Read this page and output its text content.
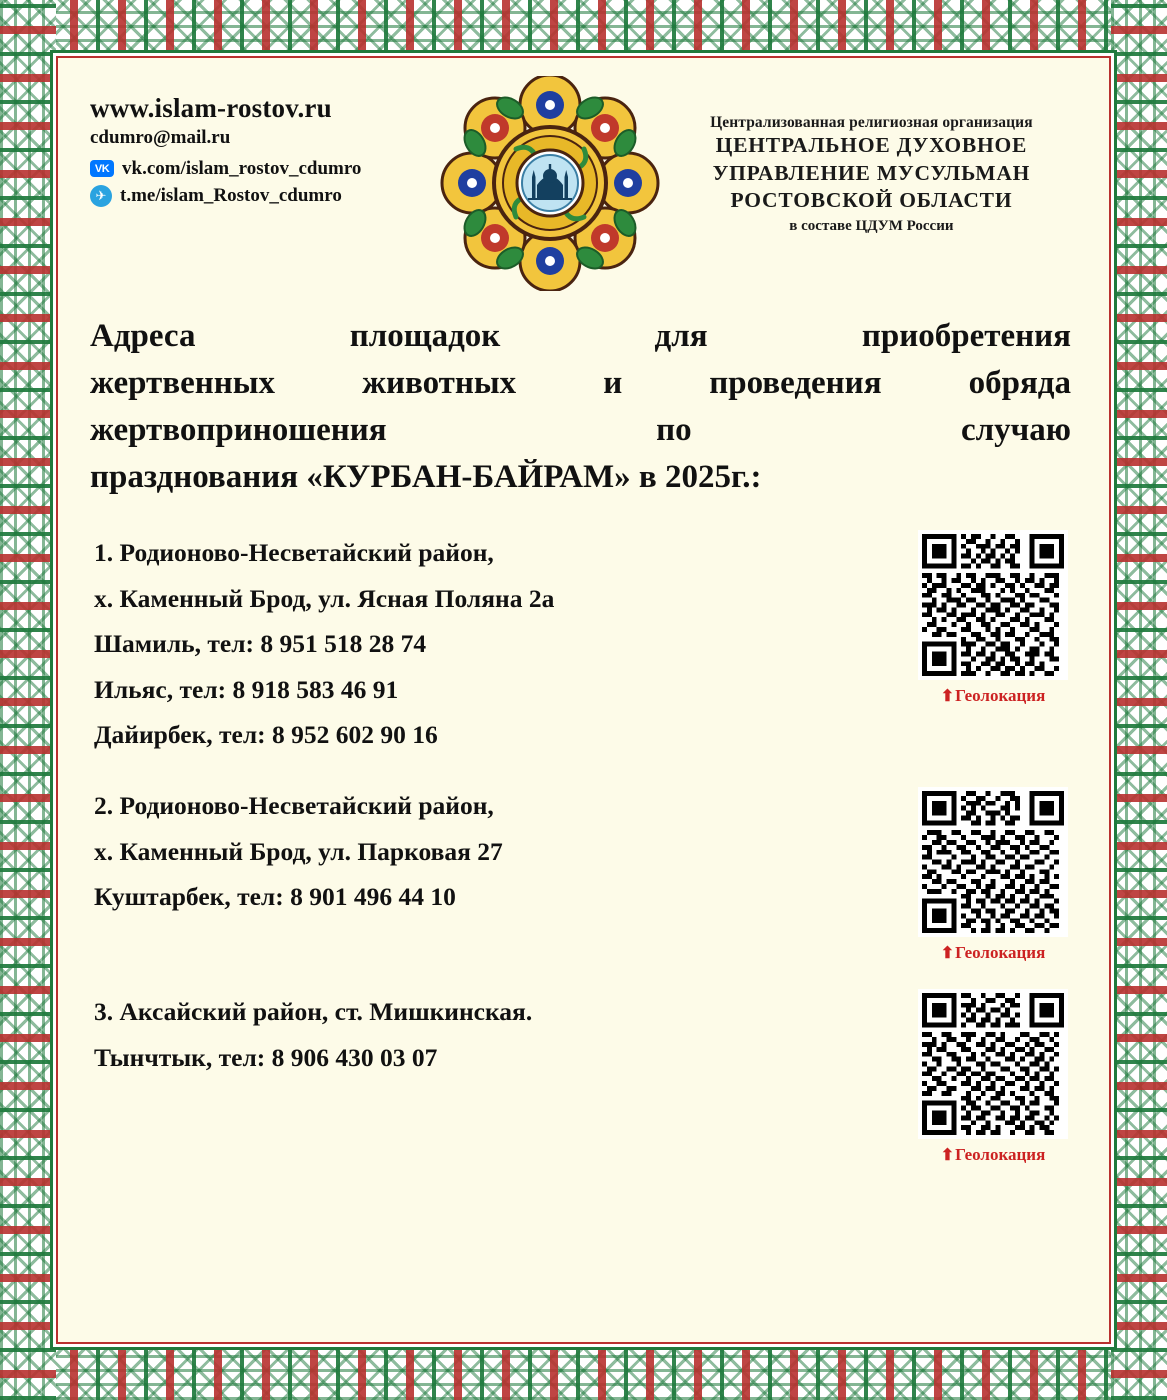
www.islam-rostov.ru
cdumro@mail.ru
VK vk.com/islam_rostov_cdumro
✈ t.me/islam_Rostov_cdumro
Централизованная религиозная организация
ЦЕНТРАЛЬНОЕ ДУХОВНОЕ
УПРАВЛЕНИЕ МУСУЛЬМАН
РОСТОВСКОЙ ОБЛАСТИ
в составе ЦДУМ России
Адреса площадок для приобретения
жертвенных животных и проведения обряда
жертвоприношения по случаю
празднования «КУРБАН-БАЙРАМ» в 2025г.:
1. Родионово-Несветайский район,
х. Каменный Брод, ул. Ясная Поляна 2а
Шамиль, тел: 8 951 518 28 74
Ильяс, тел: 8 918 583 46 91
Дайирбек, тел: 8 952 602 90 16
⬆Геолокация
2. Родионово-Несветайский район,
х. Каменный Брод, ул. Парковая 27
Куштарбек, тел: 8 901 496 44 10
⬆Геолокация
3. Аксайский район, ст. Мишкинская.
Тынчтык, тел: 8 906 430 03 07
⬆Геолокация
